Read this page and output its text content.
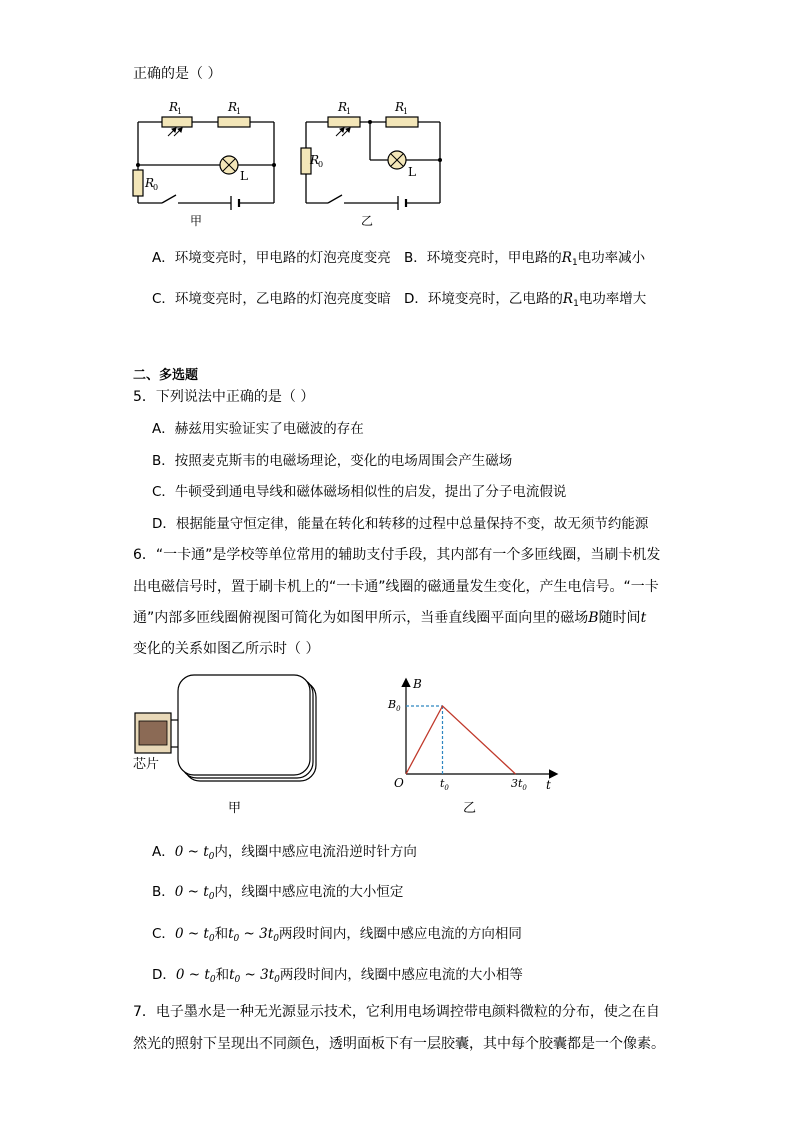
正确的是（ ）
R
1	R
1
R
0
L
甲
R
1	R
1
R
0
L
乙
A．环境变亮时，甲电路的灯泡亮度变亮 B．环境变亮时，甲电路的$R_1$电功率减小
C．环境变亮时，乙电路的灯泡亮度变暗 D．环境变亮时，乙电路的$R_1$电功率增大
二、多选题
5．下列说法中正确的是（ ）
A．赫兹用实验证实了电磁波的存在
B．按照麦克斯韦的电磁场理论，变化的电场周围会产生磁场
C．牛顿受到通电导线和磁体磁场相似性的启发，提出了分子电流假说
D．根据能量守恒定律，能量在转化和转移的过程中总量保持不变，故无须节约能源
6．“一卡通”是学校等单位常用的辅助支付手段，其内部有一个多匝线圈，当刷卡机发
出电磁信号时，置于刷卡机上的“一卡通”线圈的磁通量发生变化，产生电信号。“一卡
通”内部多匝线圈俯视图可简化为如图甲所示，当垂直线圈平面向里的磁场B随时间t
变化的关系如图乙所示时（ ）
芯片
甲
B
t
O
$B_0$
$t_0$	$3t_0$
乙
A．0 ~ $t_0$内，线圈中感应电流沿逆时针方向
B．0 ~ $t_0$内，线圈中感应电流的大小恒定
C．0 ~ $t_0$和$t_0$ ~ $3t_0$两段时间内，线圈中感应电流的方向相同
D．0 ~ $t_0$和$t_0$ ~ $3t_0$两段时间内，线圈中感应电流的大小相等
7．电子墨水是一种无光源显示技术，它利用电场调控带电颜料微粒的分布，使之在自
然光的照射下呈现出不同颜色，透明面板下有一层胶囊，其中每个胶囊都是一个像素。
